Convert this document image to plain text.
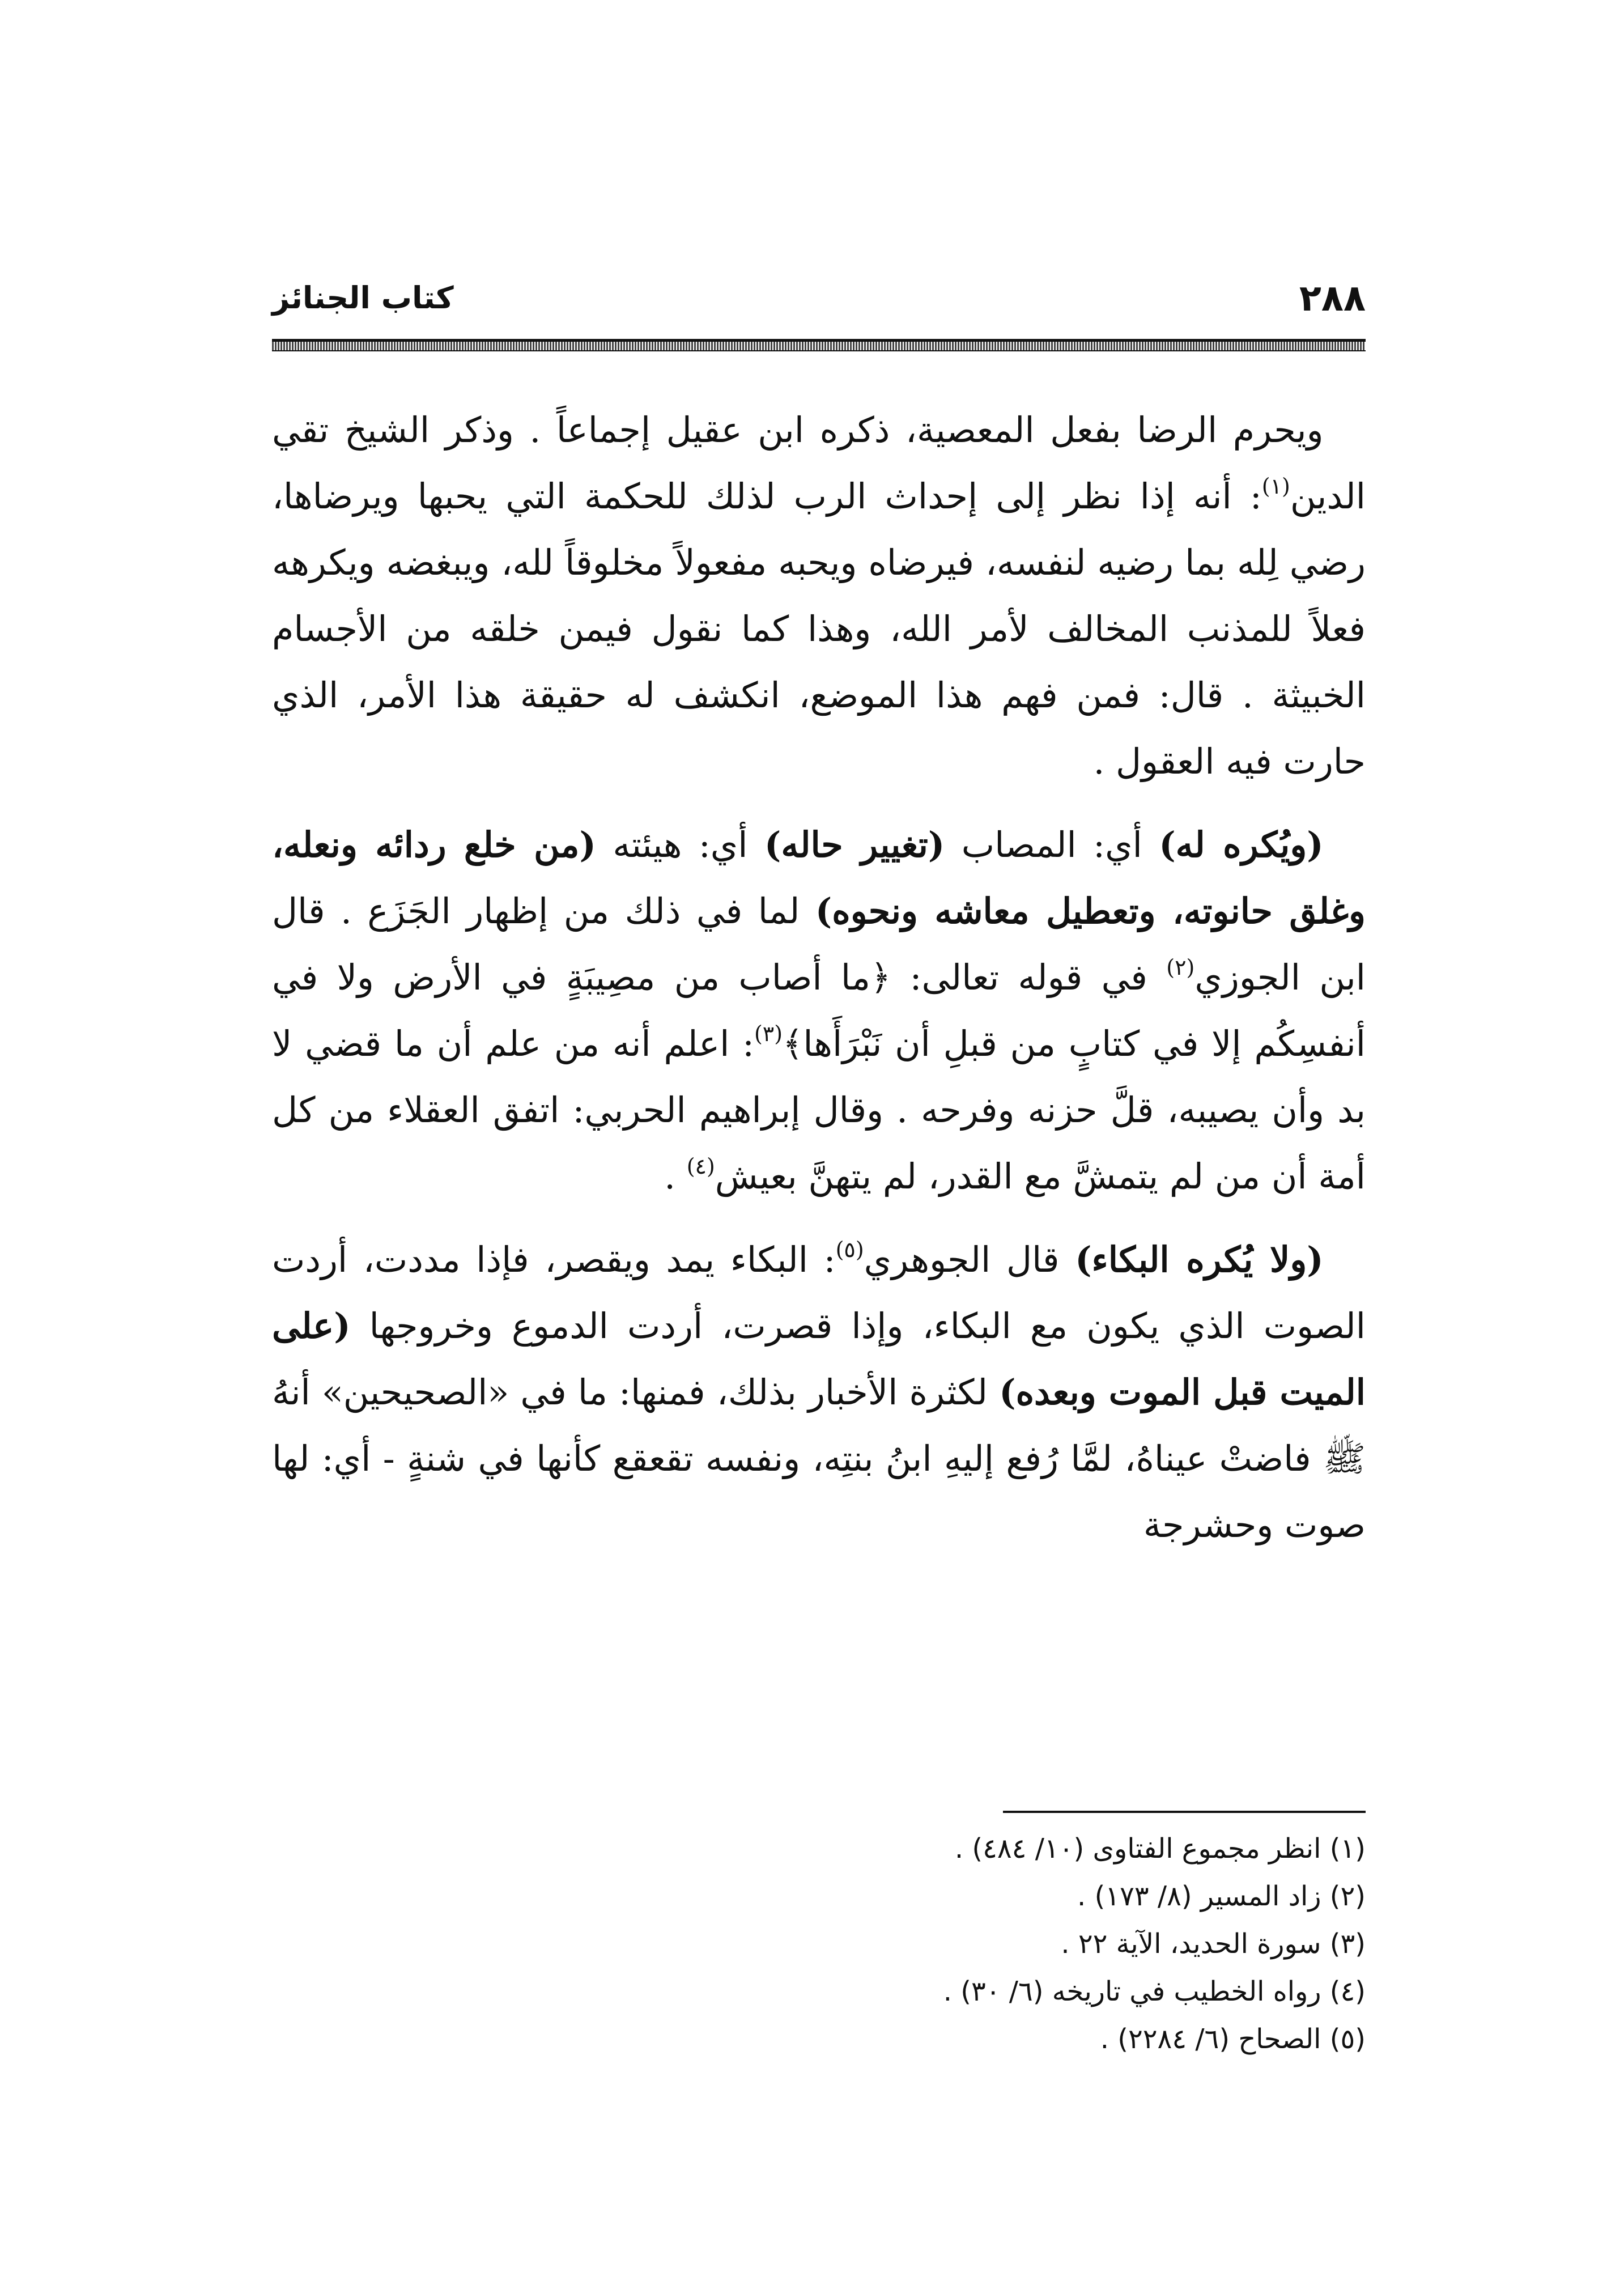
٢٨٨
كتاب الجنائز

ويحرم الرضا بفعل المعصية، ذكره ابن عقيل إجماعاً . وذكر الشيخ تقي الدين$^{(١)}$: أنه إذا نظر إلى إحداث الرب لذلك للحكمة التي يحبها ويرضاها، رضي لِله بما رضيه لنفسه، فيرضاه ويحبه مفعولاً مخلوقاً لله، ويبغضه ويكرهه فعلاً للمذنب المخالف لأمر الله، وهذا كما نقول فيمن خلقه من الأجسام الخبيثة . قال: فمن فهم هذا الموضع، انكشف له حقيقة هذا الأمر، الذي حارت فيه العقول .

(ويُكره له) أي: المصاب (تغيير حاله) أي: هيئته (من خلع ردائه ونعله، وغلق حانوته، وتعطيل معاشه ونحوه) لما في ذلك من إظهار الجَزَع . قال ابن الجوزي$^{(٢)}$ في قوله تعالى: ﴿ما أصاب من مصِيبَةٍ في الأرض ولا في أنفسِكُم إلا في كتابٍ من قبلِ أن نَبْرَأَها﴾$^{(٣)}$: اعلم أنه من علم أن ما قضي لا بد وأن يصيبه، قلَّ حزنه وفرحه . وقال إبراهيم الحربي: اتفق العقلاء من كل أمة أن من لم يتمشَّ مع القدر، لم يتهنَّ بعيش$^{(٤)}$ .

(ولا يُكره البكاء) قال الجوهري$^{(٥)}$: البكاء يمد ويقصر، فإذا مددت، أردت الصوت الذي يكون مع البكاء، وإذا قصرت، أردت الدموع وخروجها (على الميت قبل الموت وبعده) لكثرة الأخبار بذلك، فمنها: ما في «الصحيحين» أنهُ ﷺ فاضتْ عيناهُ، لمَّا رُفع إليهِ ابنُ بنتِه، ونفسه تقعقع كأنها في شنةٍ - أي: لها صوت وحشرجة

(١) انظر مجموع الفتاوى (١٠/ ٤٨٤) .
(٢) زاد المسير (٨/ ١٧٣) .
(٣) سورة الحديد، الآية ٢٢ .
(٤) رواه الخطيب في تاريخه (٦/ ٣٠) .
(٥) الصحاح (٦/ ٢٢٨٤) .
